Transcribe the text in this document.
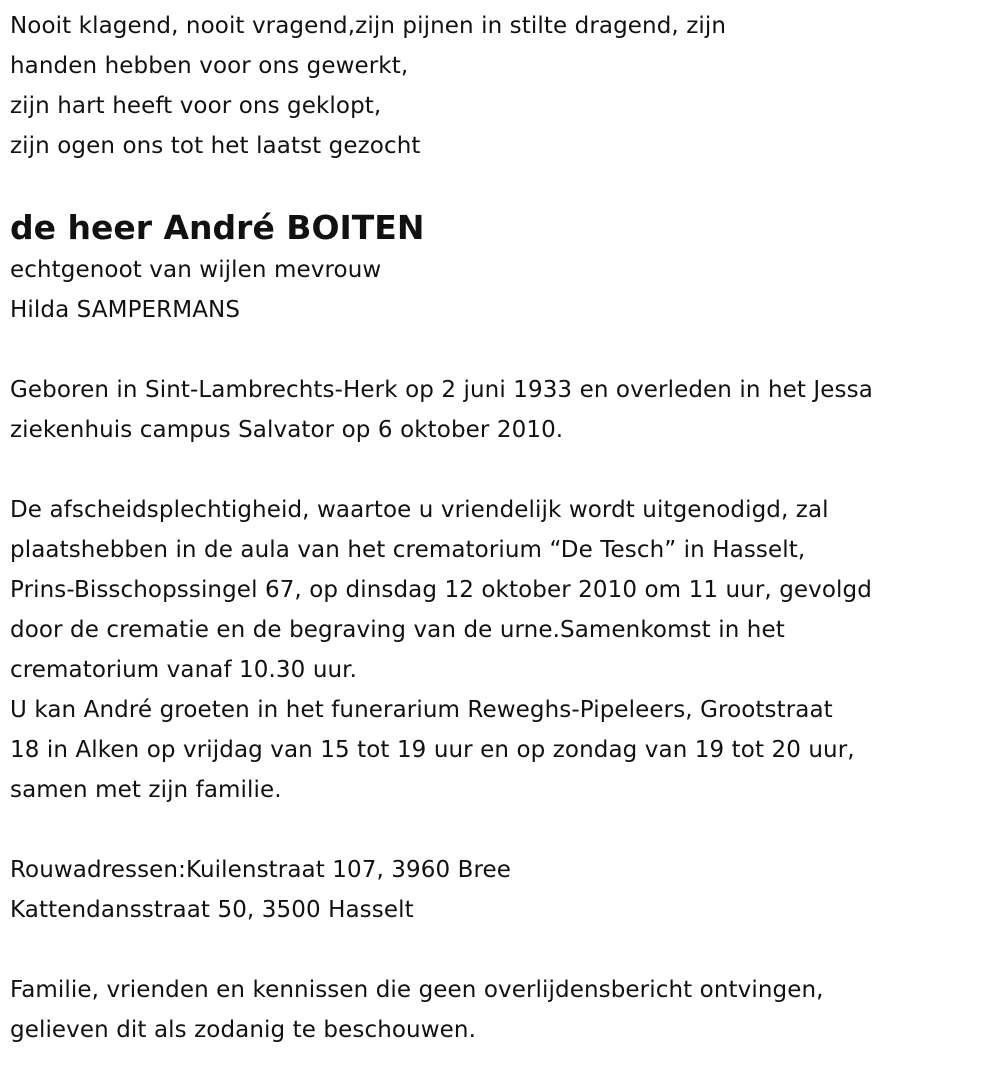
Nooit klagend, nooit vragend,zijn pijnen in stilte dragend, zijn
handen hebben voor ons gewerkt,
zijn hart heeft voor ons geklopt,
zijn ogen ons tot het laatst gezocht
de heer André BOITEN
echtgenoot van wijlen mevrouw
Hilda SAMPERMANS
Geboren in Sint-Lambrechts-Herk op 2 juni 1933 en overleden in het Jessa
ziekenhuis campus Salvator op 6 oktober 2010.
De afscheidsplechtigheid, waartoe u vriendelijk wordt uitgenodigd, zal
plaatshebben in de aula van het crematorium “De Tesch” in Hasselt,
Prins-Bisschopssingel 67, op dinsdag 12 oktober 2010 om 11 uur, gevolgd
door de crematie en de begraving van de urne.Samenkomst in het
crematorium vanaf 10.30 uur.
U kan André groeten in het funerarium Reweghs-Pipeleers, Grootstraat
18 in Alken op vrijdag van 15 tot 19 uur en op zondag van 19 tot 20 uur,
samen met zijn familie.
Rouwadressen:Kuilenstraat 107, 3960 Bree
Kattendansstraat 50, 3500 Hasselt
Familie, vrienden en kennissen die geen overlijdensbericht ontvingen,
gelieven dit als zodanig te beschouwen.
